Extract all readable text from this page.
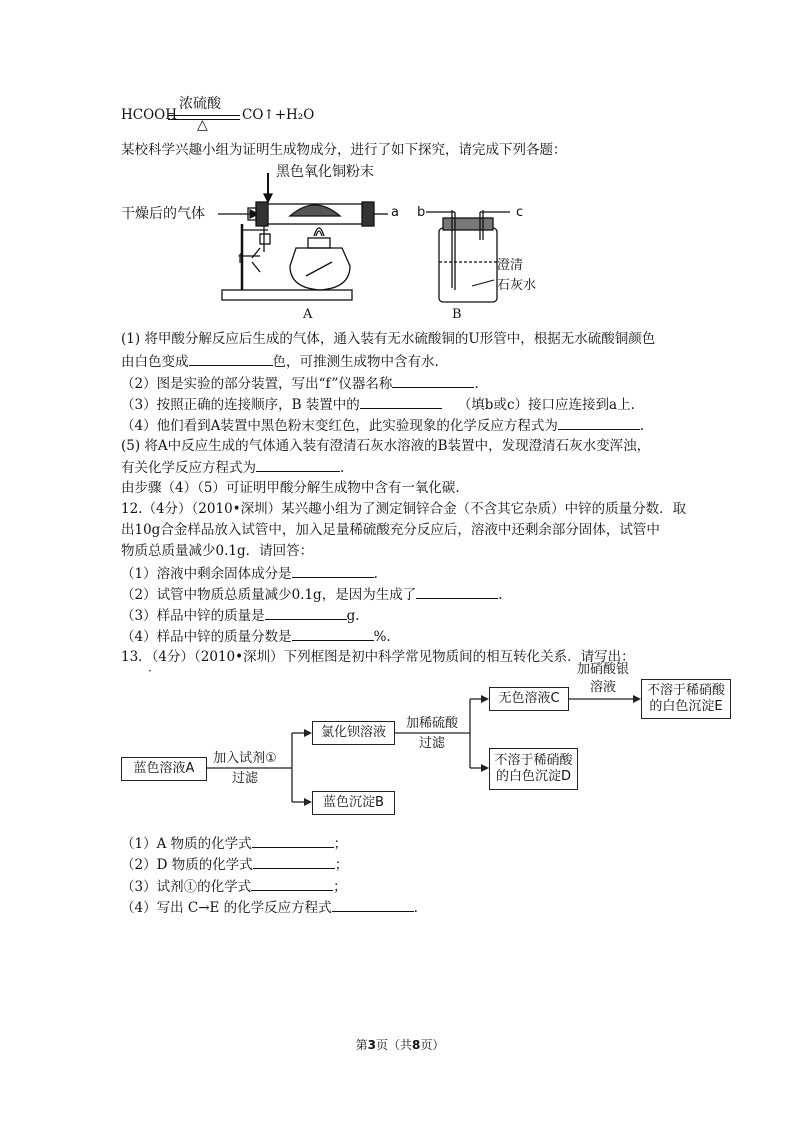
HCOOH
浓硫酸
△
CO↑+H₂O
某校科学兴趣小组为证明生成物成分，进行了如下探究，请完成下列各题：
黑色氧化铜粉末
干燥后的气体	a b	c
f	澄清
石灰水
A	B
(1) 将甲酸分解反应后生成的气体，通入装有无水硫酸铜的U形管中，根据无水硫酸铜颜色
由白色变成	色，可推测生成物中含有水.
（2）图是实验的部分装置，写出“f”仪器名称	.
（3）按照正确的连接顺序，B 装置中的	（填b或c）接口应连接到a上.
（4）他们看到A装置中黑色粉末变红色，此实验现象的化学反应方程式为	.
(5) 将A中反应生成的气体通入装有澄清石灰水溶液的B装置中，发现澄清石灰水变浑浊，
有关化学反应方程式为	.
由步骤（4）（5）可证明甲酸分解生成物中含有一氧化碳.
12.（4分）（2010•深圳）某兴趣小组为了测定铜锌合金（不含其它杂质）中锌的质量分数．取
出10g合金样品放入试管中，加入足量稀硫酸充分反应后，溶液中还剩余部分固体，试管中
物质总质量减少0.1g．请回答：
（1）溶液中剩余固体成分是	.
（2）试管中物质总质量减少0.1g，是因为生成了	.
（3）样品中锌的质量是	g.
（4）样品中锌的质量分数是	%.
13．（4分）（2010•深圳）下列框图是初中科学常见物质间的相互转化关系．请写出：
·
蓝色溶液A
氯化钡溶液
蓝色沉淀B
无色溶液C
不溶于稀硝酸
的白色沉淀D
不溶于稀硝酸
的白色沉淀E
加入试剂①
过滤
加稀硫酸
过滤
加硝酸银
溶液
（1）A 物质的化学式	；
（2）D 物质的化学式	；
（3）试剂①的化学式	；
（4）写出 C→E 的化学反应方程式	.
第3页（共8页）
